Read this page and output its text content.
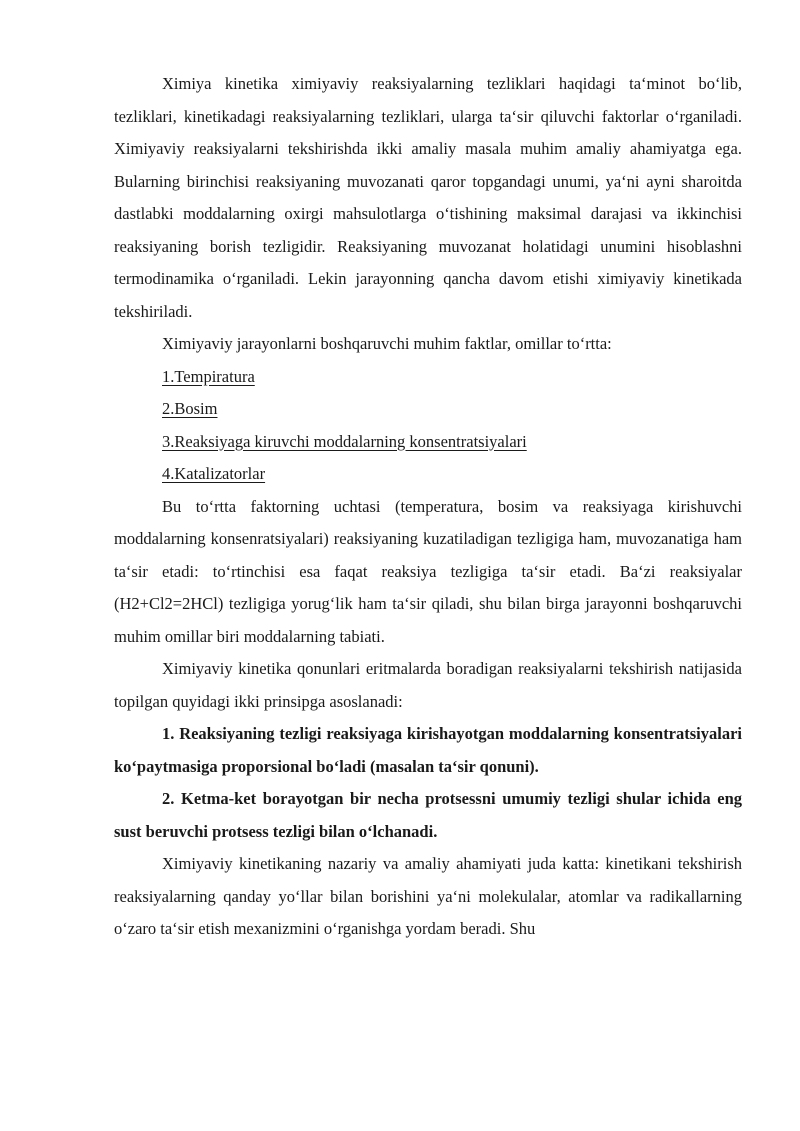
Ximiya kinetika ximiyaviy reaksiyalarning tezliklari haqidagi taʻminot boʻlib, tezliklari, kinetikadagi reaksiyalarning tezliklari, ularga taʻsir qiluvchi faktorlar oʻrganiladi. Ximiyaviy reaksiyalarni tekshirishda ikki amaliy masala muhim amaliy ahamiyatga ega. Bularning birinchisi reaksiyaning muvozanati qaror topgandagi unumi, yaʻni ayni sharoitda dastlabki moddalarning oxirgi mahsulotlarga oʻtishining maksimal darajasi va ikkinchisi reaksiyaning borish tezligidir. Reaksiyaning muvozanat holatidagi unumini hisoblashni termodinamika oʻrganiladi. Lekin jarayonning qancha davom etishi ximiyaviy kinetikada tekshiriladi.

Ximiyaviy jarayonlarni boshqaruvchi muhim faktlar, omillar toʻrtta:

1.Tempiratura

2.Bosim

3.Reaksiyaga kiruvchi moddalarning konsentratsiyalari

4.Katalizatorlar

Bu toʻrtta faktorning uchtasi (temperatura, bosim va reaksiyaga kirishuvchi moddalarning konsenratsiyalari) reaksiyaning kuzatiladigan tezligiga ham, muvozanatiga ham taʻsir etadi: toʻrtinchisi esa faqat reaksiya tezligiga taʻsir etadi. Baʻzi reaksiyalar (H2+Cl2=2HCl) tezligiga yorugʻlik ham taʻsir qiladi, shu bilan birga jarayonni boshqaruvchi muhim omillar biri moddalarning tabiati.

Ximiyaviy kinetika qonunlari eritmalarda boradigan reaksiyalarni tekshirish natijasida topilgan quyidagi ikki prinsipga asoslanadi:

1. Reaksiyaning tezligi reaksiyaga kirishayotgan moddalarning konsentratsiyalari koʻpaytmasiga proporsional boʻladi (masalan taʻsir qonuni).

2. Ketma-ket borayotgan bir necha protsessni umumiy tezligi shular ichida eng sust beruvchi protsess tezligi bilan oʻlchanadi.

Ximiyaviy kinetikaning nazariy va amaliy ahamiyati juda katta: kinetikani tekshirish reaksiyalarning qanday yoʻllar bilan borishini yaʻni molekulalar, atomlar va radikallarning oʻzaro taʻsir etish mexanizmini oʻrganishga yordam beradi. Shu
